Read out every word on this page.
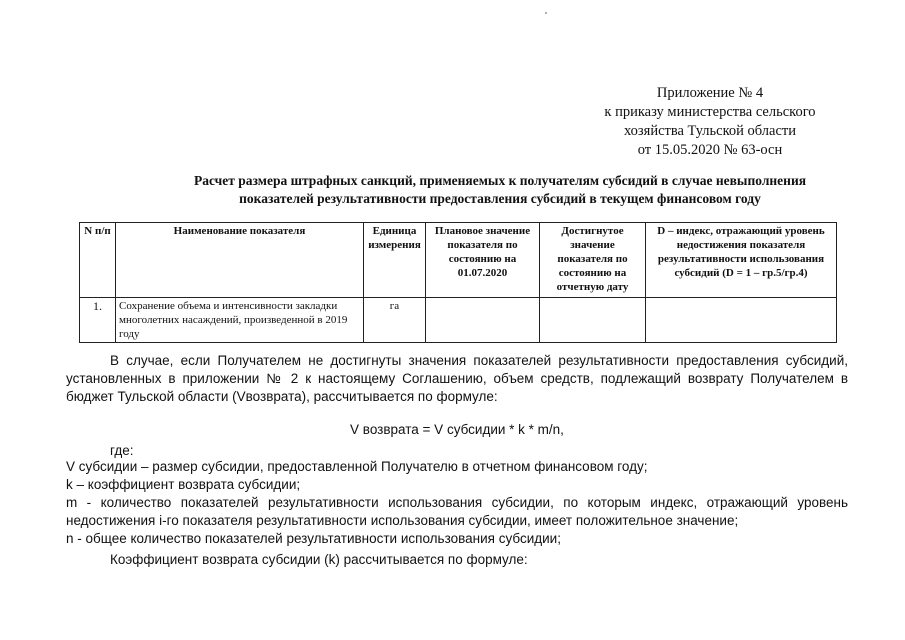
Приложение № 4
к приказу министерства сельского
хозяйства Тульской области
от 15.05.2020 № 63-осн
Расчет размера штрафных санкций, применяемых к получателям субсидий в случае невыполнения
показателей результативности предоставления субсидий в текущем финансовом году
N п/п	Наименование показателя	Единица измерения	Плановое значение показателя по состоянию на 01.07.2020	Достигнутое значение показателя по состоянию на отчетную дату	D – индекс, отражающий уровень недостижения показателя результативности использования субсидий (D = 1 – гр.5/гр.4)
1.	Сохранение объема и интенсивности закладки многолетних насаждений, произведенной в 2019 году	га			
В случае, если Получателем не достигнуты значения показателей результативности предоставления субсидий, установленных в приложении № 2 к настоящему Соглашению, объем средств, подлежащий возврату Получателем в бюджет Тульской области (Vвозврата), рассчитывается по формуле:
V возврата = V субсидии * k * m/n,
где:
V субсидии – размер субсидии, предоставленной Получателю в отчетном финансовом году;
k – коэффициент возврата субсидии;
m - количество показателей результативности использования субсидии, по которым индекс, отражающий уровень недостижения i-го показателя результативности использования субсидии, имеет положительное значение;
n - общее количество показателей результативности использования субсидии;
Коэффициент возврата субсидии (k) рассчитывается по формуле:
